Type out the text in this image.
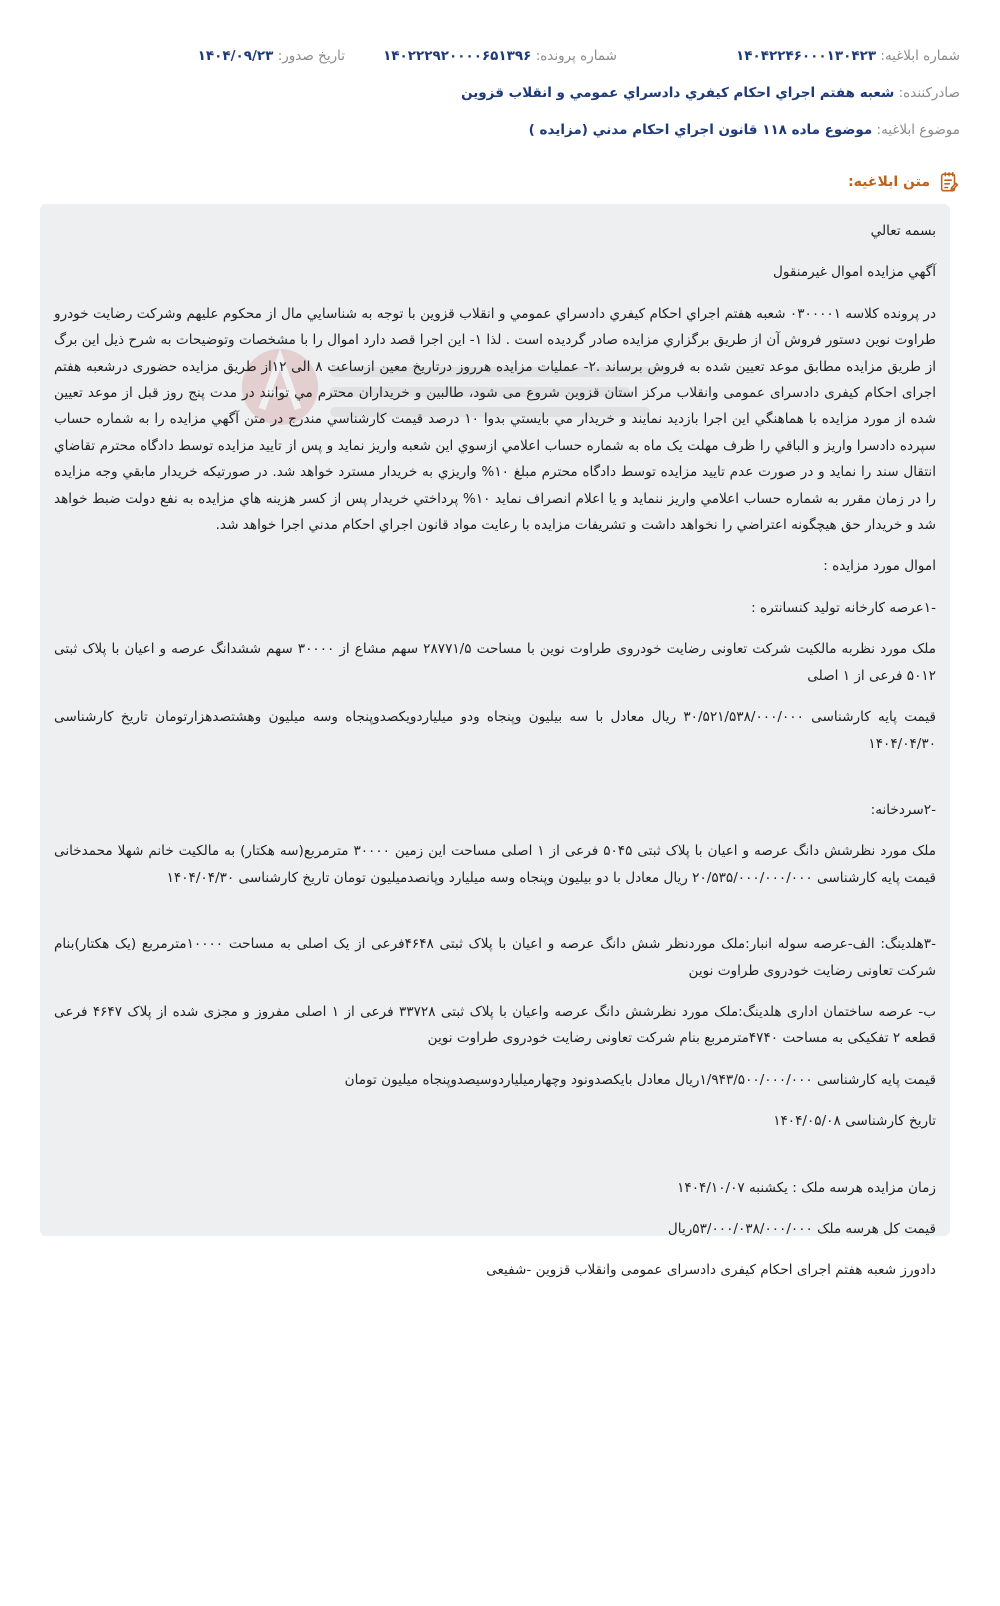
شماره ابلاغيه: ۱۴۰۴۲۲۴۶۰۰۰۱۳۰۴۲۳
شماره پرونده: ۱۴۰۲۲۲۹۲۰۰۰۰۶۵۱۳۹۶
تاريخ صدور: ۱۴۰۴/۰۹/۲۳
صادرکننده: شعبه هفتم اجراي احکام کيفري دادسراي عمومي و انقلاب قزوين
موضوع ابلاغيه: موضوع ماده ۱۱۸ قانون اجراي احکام مدني (مزايده )
متن ابلاغيه:

بسمه تعالي

آگهي مزايده اموال غيرمنقول

در پرونده کلاسه ۰۳۰۰۰۰۱ شعبه هفتم اجراي احکام کيفري دادسراي عمومي و انقلاب قزوين با توجه به شناسايي مال از محکوم عليهم وشرکت رضايت خودرو طراوت نوين دستور فروش آن از طريق برگزاري مزايده صادر گرديده است . لذا ۱- اين اجرا قصد دارد اموال را با مشخصات وتوضيحات به شرح ذيل اين برگ از طريق مزايده مطابق موعد تعيين شده به فروش برساند .۲- عمليات مزايده هرروز درتاريخ معين ازساعت ۸ الی ۱۲از طريق مزايده حضوری درشعبه هفتم اجرای احکام کيفری دادسرای عمومی وانقلاب مرکز استان قزوين شروع می شود، طالبين و خريداران محترم مي توانند در مدت پنج روز قبل از موعد تعيين شده از مورد مزايده با هماهنگي اين اجرا بازديد نمايند و خريدار مي بايستي بدوا ۱۰ درصد قيمت کارشناسي مندرج در متن آگهي مزايده را به شماره حساب سپرده دادسرا واريز و الباقي را ظرف مهلت يک ماه به شماره حساب اعلامي ازسوي اين شعبه واريز نمايد و پس از تاييد مزايده توسط دادگاه محترم تقاضاي انتقال سند را نمايد و در صورت عدم تاييد مزايده توسط دادگاه محترم مبلغ ۱۰% واريزي به خريدار مسترد خواهد شد. در صورتيکه خريدار مابقي وجه مزايده را در زمان مقرر به شماره حساب اعلامي واريز ننمايد و يا اعلام انصراف نمايد ۱۰% پرداختي خريدار پس از کسر هزينه هاي مزايده به نفع دولت ضبط خواهد شد و خريدار حق هيچگونه اعتراضي را نخواهد داشت و تشريفات مزايده با رعايت مواد قانون اجراي احکام مدني اجرا خواهد شد.

اموال مورد مزايده :

-۱عرصه کارخانه توليد کنسانتره :

ملک مورد نظربه مالکيت شرکت تعاونی رضايت خودروی طراوت نوين با مساحت ۲۸۷۷۱/۵ سهم مشاع از ۳۰۰۰۰ سهم ششدانگ عرصه و اعيان با پلاک ثبتی ۵۰۱۲ فرعی از ۱ اصلی

قيمت پايه کارشناسی ۳۰/۵۲۱/۵۳۸/۰۰۰/۰۰۰ ريال معادل با سه بيليون وپنجاه ودو ميلياردويکصدوپنجاه وسه ميليون وهشتصدهزارتومان تاريخ کارشناسی ۱۴۰۴/۰۴/۳۰

-۲سردخانه:

ملک مورد نظرشش دانگ عرصه و اعيان با پلاک ثبتی ۵۰۴۵ فرعی از ۱ اصلی مساحت اين زمين ۳۰۰۰۰ مترمربع(سه هکتار) به مالکيت خانم شهلا محمدخانی قيمت پايه کارشناسی ۲۰/۵۳۵/۰۰۰/۰۰۰/۰۰۰ ريال معادل با دو بيليون وپنجاه وسه ميليارد وپانصدميليون تومان تاريخ کارشناسی ۱۴۰۴/۰۴/۳۰

-۳هلدينگ: الف-عرصه سوله انبار:ملک موردنظر شش دانگ عرصه و اعيان با پلاک ثبتی ۴۶۴۸فرعی از يک اصلی به مساحت ۱۰۰۰۰مترمربع (يک هکتار)بنام شرکت تعاونی رضايت خودروی طراوت نوين

ب- عرصه ساختمان اداری هلدينگ:ملک مورد نظرشش دانگ عرصه واعيان با پلاک ثبتی ۳۳۷۲۸ فرعی از ۱ اصلی مفروز و مجزی شده از پلاک ۴۶۴۷ فرعی قطعه ۲ تفکيکی به مساحت ۴۷۴۰مترمربع بنام شرکت تعاونی رضايت خودروی طراوت نوين

قيمت پايه کارشناسی ۱/۹۴۳/۵۰۰/۰۰۰/۰۰۰ريال معادل بايکصدونود وچهارميلياردوسيصدوپنجاه ميليون تومان

تاريخ کارشناسی ۱۴۰۴/۰۵/۰۸

زمان مزايده هرسه ملک : يکشنبه ۱۴۰۴/۱۰/۰۷

قيمت کل هرسه ملک ۵۳/۰۰۰/۰۳۸/۰۰۰/۰۰۰ريال

دادورز شعبه هفتم اجرای احکام کيفری دادسرای عمومی وانقلاب قزوين -شفيعی
